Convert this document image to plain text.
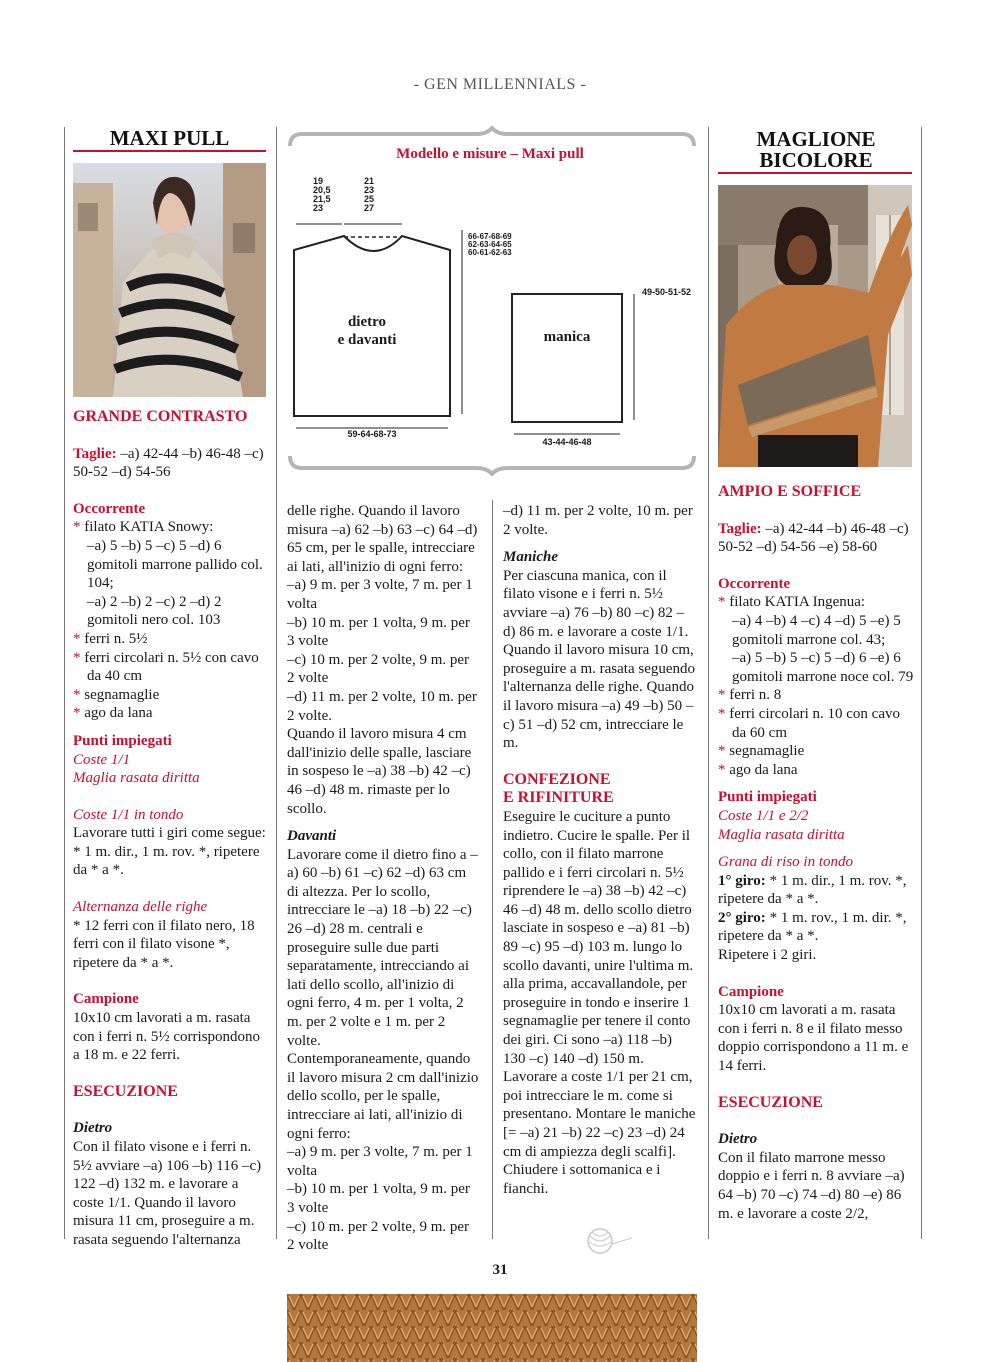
- GEN MILLENNIALS -
MAXI PULL

GRANDE CONTRASTO

Taglie: –a) 42-44 –b) 46-48 –c) 50-52 –d) 54-56

Occorrente

* filato KATIA Snowy:

–a) 5 –b) 5 –c) 5 –d) 6 gomitoli marrone pallido col. 104;

–a) 2 –b) 2 –c) 2 –d) 2 gomitoli nero col. 103

* ferri n. 5½

* ferri circolari n. 5½ con cavo da 40 cm

* segnamaglie

* ago da lana

Punti impiegati

Coste 1/1

Maglia rasata diritta

Coste 1/1 in tondo

Lavorare tutti i giri come segue: * 1 m. dir., 1 m. rov. *, ripetere da * a *.

Alternanza delle righe

* 12 ferri con il filato nero, 18 ferri con il filato visone *, ripetere da * a *.

Campione

10x10 cm lavorati a m. rasata con i ferri n. 5½ corrispondono a 18 m. e 22 ferri.

ESECUZIONE

Dietro

Con il filato visone e i ferri n. 5½ avviare –a) 106 –b) 116 –c) 122 –d) 132 m. e lavorare a coste 1/1. Quando il lavoro misura 11 cm, proseguire a m. rasata seguendo l'alternanza

Modello e misure – Maxi pull
19
20,5
21,5
23
21
23
25
27
66-67-68-69
62-63-64-65
60-61-62-63
dietro
e davanti
59-64-68-73
manica
49-50-51-52
43-44-46-48

delle righe. Quando il lavoro misura –a) 62 –b) 63 –c) 64 –d) 65 cm, per le spalle, intrecciare ai lati, all'inizio di ogni ferro:

–a) 9 m. per 3 volte, 7 m. per 1 volta

–b) 10 m. per 1 volta, 9 m. per 3 volte

–c) 10 m. per 2 volte, 9 m. per 2 volte

–d) 11 m. per 2 volte, 10 m. per 2 volte.

Quando il lavoro misura 4 cm dall'inizio delle spalle, lasciare in sospeso le –a) 38 –b) 42 –c) 46 –d) 48 m. rimaste per lo scollo.

Davanti

Lavorare come il dietro fino a –a) 60 –b) 61 –c) 62 –d) 63 cm di altezza. Per lo scollo, intrecciare le –a) 18 –b) 22 –c) 26 –d) 28 m. centrali e proseguire sulle due parti separatamente, intrecciando ai lati dello scollo, all'inizio di ogni ferro, 4 m. per 1 volta, 2 m. per 2 volte e 1 m. per 2 volte.

Contemporaneamente, quando il lavoro misura 2 cm dall'inizio dello scollo, per le spalle, intrecciare ai lati, all'inizio di ogni ferro:

–a) 9 m. per 3 volte, 7 m. per 1 volta

–b) 10 m. per 1 volta, 9 m. per 3 volte

–c) 10 m. per 2 volte, 9 m. per 2 volte

–d) 11 m. per 2 volte, 10 m. per 2 volte.

Maniche

Per ciascuna manica, con il filato visone e i ferri n. 5½ avviare –a) 76 –b) 80 –c) 82 –d) 86 m. e lavorare a coste 1/1. Quando il lavoro misura 10 cm, proseguire a m. rasata seguendo l'alternanza delle righe. Quando il lavoro misura –a) 49 –b) 50 –c) 51 –d) 52 cm, intrecciare le m.

CONFEZIONE

E RIFINITURE

Eseguire le cuciture a punto indietro. Cucire le spalle. Per il collo, con il filato marrone pallido e i ferri circolari n. 5½ riprendere le –a) 38 –b) 42 –c) 46 –d) 48 m. dello scollo dietro lasciate in sospeso e –a) 81 –b) 89 –c) 95 –d) 103 m. lungo lo scollo davanti, unire l'ultima m. alla prima, accavallandole, per proseguire in tondo e inserire 1 segnamaglie per tenere il conto dei giri. Ci sono –a) 118 –b) 130 –c) 140 –d) 150 m. Lavorare a coste 1/1 per 21 cm, poi intrecciare le m. come si presentano. Montare le maniche [= –a) 21 –b) 22 –c) 23 –d) 24 cm di ampiezza degli scalfi]. Chiudere i sottomanica e i fianchi.

MAGLIONE
BICOLORE

AMPIO E SOFFICE

Taglie: –a) 42-44 –b) 46-48 –c) 50-52 –d) 54-56 –e) 58-60

Occorrente

* filato KATIA Ingenua:

–a) 4 –b) 4 –c) 4 –d) 5 –e) 5 gomitoli marrone col. 43;

–a) 5 –b) 5 –c) 5 –d) 6 –e) 6 gomitoli marrone noce col. 79

* ferri n. 8

* ferri circolari n. 10 con cavo da 60 cm

* segnamaglie

* ago da lana

Punti impiegati

Coste 1/1 e 2/2

Maglia rasata diritta

Grana di riso in tondo

1° giro: * 1 m. dir., 1 m. rov. *, ripetere da * a *.

2° giro: * 1 m. rov., 1 m. dir. *, ripetere da * a *.

Ripetere i 2 giri.

Campione

10x10 cm lavorati a m. rasata con i ferri n. 8 e il filato messo doppio corrispondono a 11 m. e 14 ferri.

ESECUZIONE

Dietro

Con il filato marrone messo doppio e i ferri n. 8 avviare –a) 64 –b) 70 –c) 74 –d) 80 –e) 86 m. e lavorare a coste 2/2,

31
